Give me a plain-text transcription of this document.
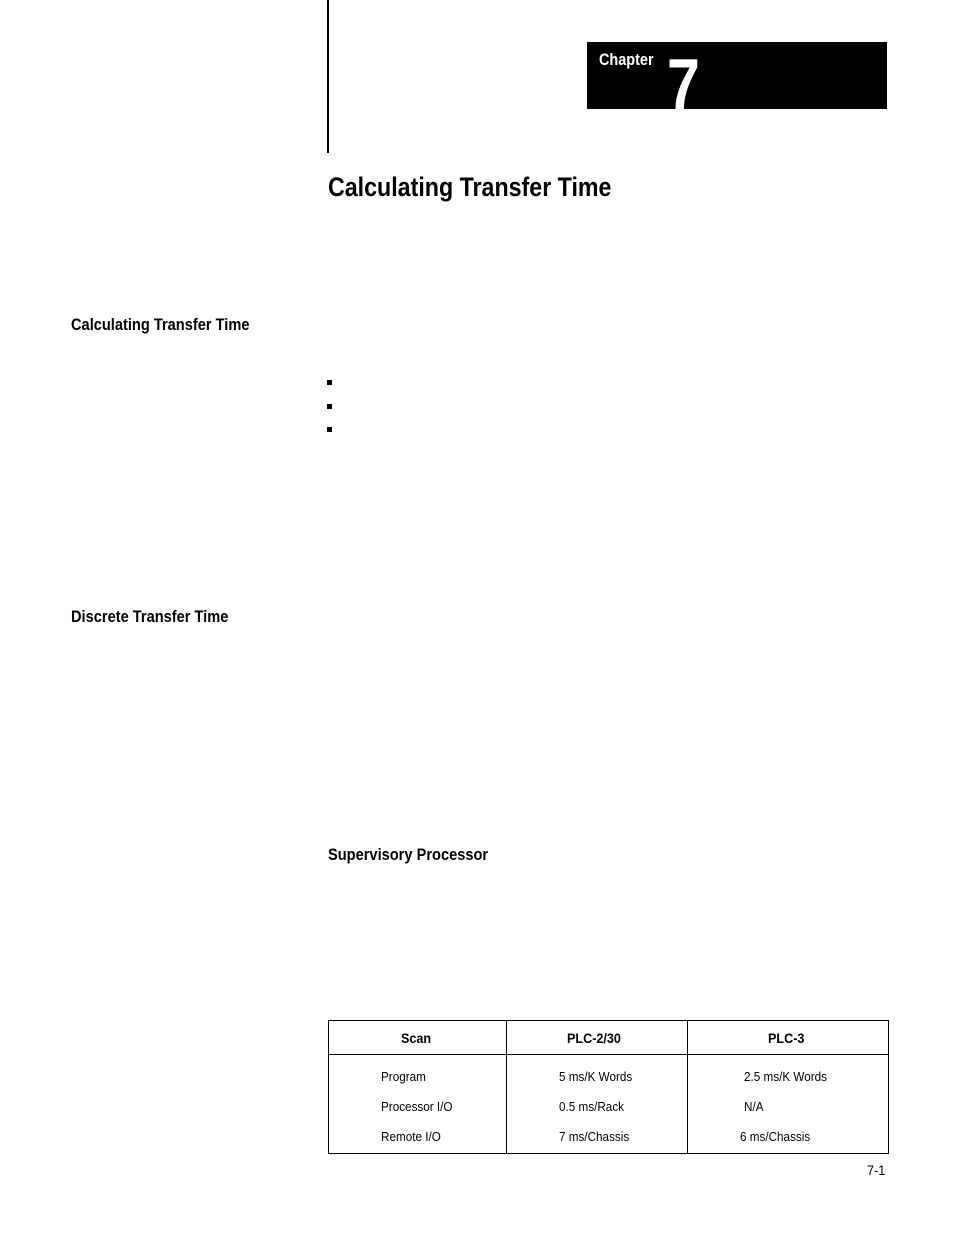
Chapter 7
Calculating Transfer Time
Calculating Transfer Time
Discrete Transfer Time
Supervisory Processor
Scan	PLC-2/30	PLC-3
Program	5 ms/K Words	2.5 ms/K Words
Processor I/O	0.5 ms/Rack	N/A
Remote I/O	7 ms/Chassis	6 ms/Chassis
7-1
